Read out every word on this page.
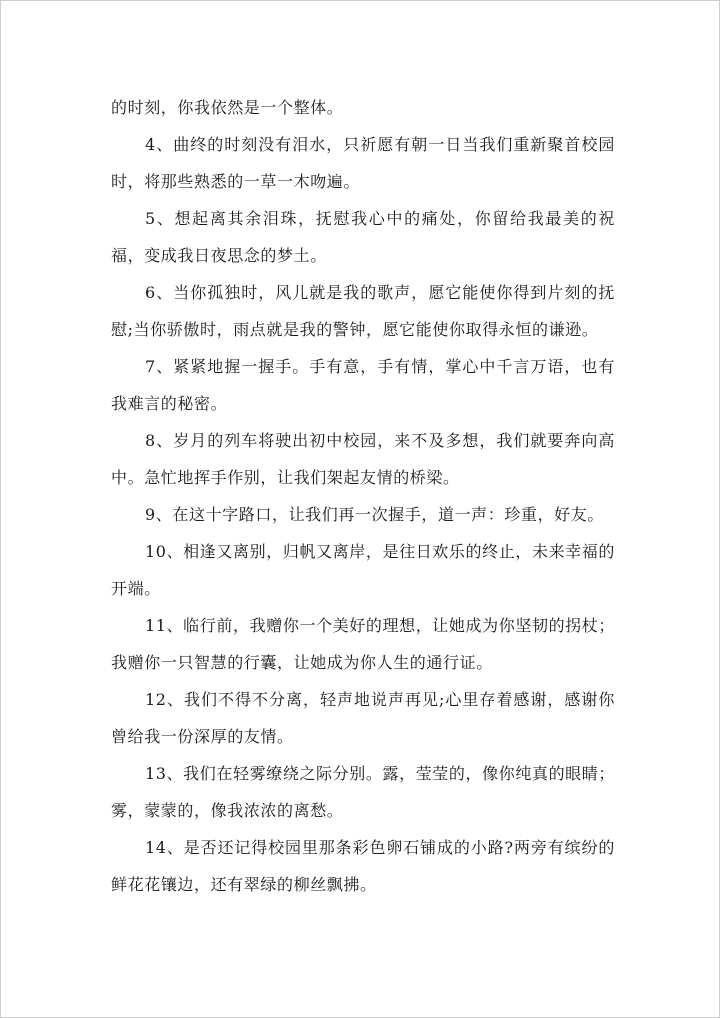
的时刻，你我依然是一个整体。

4、曲终的时刻没有泪水，只祈愿有朝一日当我们重新聚首校园时，将那些熟悉的一草一木吻遍。

5、想起离其余泪珠，抚慰我心中的痛处，你留给我最美的祝福，变成我日夜思念的梦土。

6、当你孤独时，风儿就是我的歌声，愿它能使你得到片刻的抚慰;当你骄傲时，雨点就是我的警钟，愿它能使你取得永恒的谦逊。

7、紧紧地握一握手。手有意，手有情，掌心中千言万语，也有我难言的秘密。

8、岁月的列车将驶出初中校园，来不及多想，我们就要奔向高中。急忙地挥手作别，让我们架起友情的桥梁。

9、在这十字路口，让我们再一次握手，道一声：珍重，好友。

10、相逢又离别，归帆又离岸，是往日欢乐的终止，未来幸福的开端。

11、临行前，我赠你一个美好的理想，让她成为你坚韧的拐杖；我赠你一只智慧的行囊，让她成为你人生的通行证。

12、我们不得不分离，轻声地说声再见;心里存着感谢，感谢你曾给我一份深厚的友情。

13、我们在轻雾缭绕之际分别。露，莹莹的，像你纯真的眼睛；雾，蒙蒙的，像我浓浓的离愁。

14、是否还记得校园里那条彩色卵石铺成的小路?两旁有缤纷的鲜花花镶边，还有翠绿的柳丝飘拂。
